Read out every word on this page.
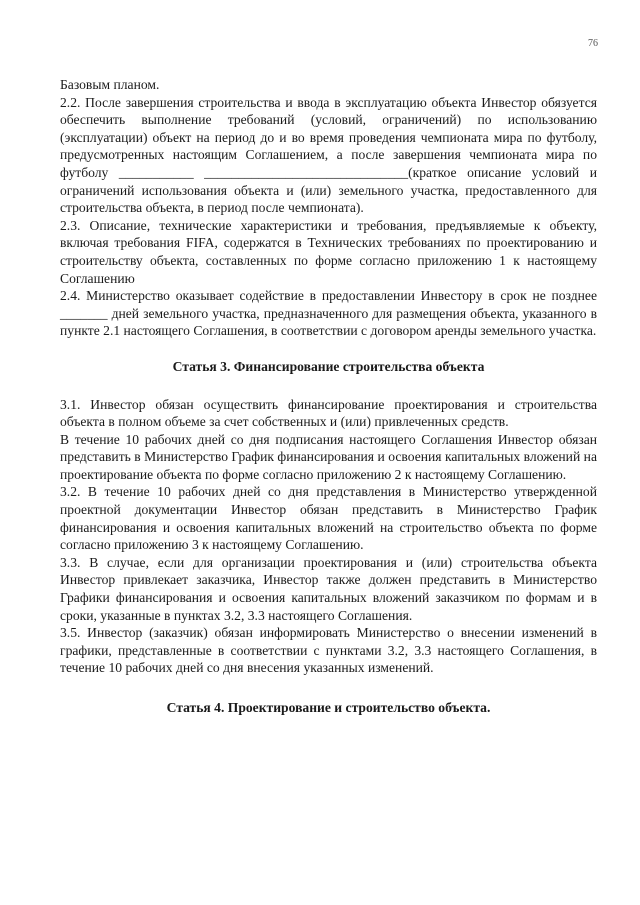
76

Базовым планом.

2.2. После завершения строительства и ввода в эксплуатацию объекта Инвестор обязуется обеспечить выполнение требований (условий, ограничений) по использованию (эксплуатации) объект на период до и во время проведения чемпионата мира по футболу, предусмотренных настоящим Соглашением, а после завершения чемпионата мира по футболу ___________ ______________________________(краткое описание условий и ограничений использования объекта и (или) земельного участка, предоставленного для строительства объекта, в период после чемпионата).

2.3. Описание, технические характеристики и требования, предъявляемые к объекту, включая требования FIFA, содержатся в Технических требованиях по проектированию и строительству объекта, составленных по форме согласно приложению 1 к настоящему Соглашению

2.4. Министерство оказывает содействие в предоставлении Инвестору в срок не позднее _______ дней земельного участка, предназначенного для размещения объекта, указанного в пункте 2.1 настоящего Соглашения, в соответствии с договором аренды земельного участка.

Статья 3. Финансирование строительства объекта

3.1. Инвестор обязан осуществить финансирование проектирования и строительства объекта в полном объеме за счет собственных и (или) привлеченных средств.

В течение 10 рабочих дней со дня подписания настоящего Соглашения Инвестор обязан представить в Министерство График финансирования и освоения капитальных вложений на проектирование объекта по форме согласно приложению 2 к настоящему Соглашению.

3.2. В течение 10 рабочих дней со дня представления в Министерство утвержденной проектной документации Инвестор обязан представить в Министерство График финансирования и освоения капитальных вложений на строительство объекта по форме согласно приложению 3 к настоящему Соглашению.

3.3. В случае, если для организации проектирования и (или) строительства объекта Инвестор привлекает заказчика, Инвестор также должен представить в Министерство Графики финансирования и освоения капитальных вложений заказчиком по формам и в сроки, указанные в пунктах 3.2, 3.3 настоящего Соглашения.

3.5. Инвестор (заказчик) обязан информировать Министерство о внесении изменений в графики, представленные в соответствии с пунктами 3.2, 3.3 настоящего Соглашения, в течение 10 рабочих дней со дня внесения указанных изменений.

Статья 4. Проектирование и строительство объекта.
